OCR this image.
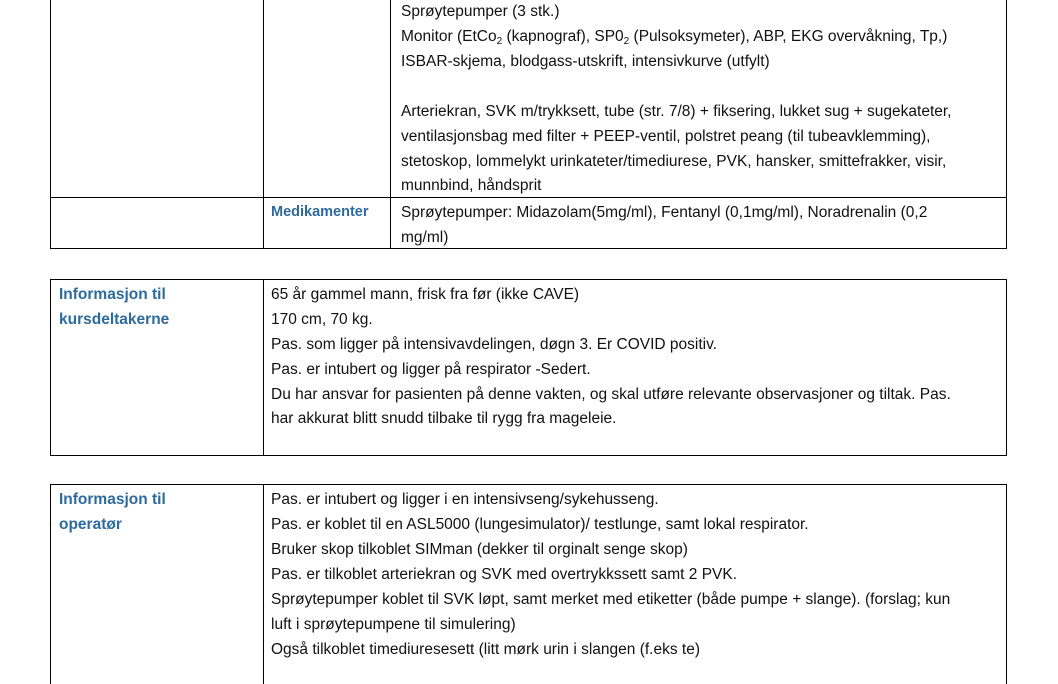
Sprøytepumper (3 stk.)
Monitor (EtCo$_2$ (kapnograf), $SP0_2$ (Pulsoksymeter), ABP, EKG overvåkning, Tp,)
ISBAR-skjema, blodgass-utskrift, intensivkurve (utfylt)
Arteriekran, SVK m/trykksett, tube (str. 7/8) + fiksering, lukket sug + sugekateter,
ventilasjonsbag med filter + PEEP-ventil, polstret peang (til tubeavklemming),
stetoskop, lommelykt urinkateter/timediurese, PVK, hansker, smittefrakker, visir,
munnbind, håndsprit
Medikamenter Sprøytepumper: Midazolam(5mg/ml), Fentanyl (0,1mg/ml), Noradrenalin (0,2
mg/ml)
Informasjon til
kursdeltakerne
65 år gammel mann, frisk fra før (ikke CAVE)
170 cm, 70 kg.
Pas. som ligger på intensivavdelingen, døgn 3. Er COVID positiv.
Pas. er intubert og ligger på respirator -Sedert.
Du har ansvar for pasienten på denne vakten, og skal utføre relevante observasjoner og tiltak. Pas.
har akkurat blitt snudd tilbake til rygg fra mageleie.
Informasjon til
operatør
Pas. er intubert og ligger i en intensivseng/sykehusseng.
Pas. er koblet til en ASL5000 (lungesimulator)/ testlunge, samt lokal respirator.
Bruker skop tilkoblet SIMman (dekker til orginalt senge skop)
Pas. er tilkoblet arteriekran og SVK med overtrykkssett samt 2 PVK.
Sprøytepumper koblet til SVK løpt, samt merket med etiketter (både pumpe + slange). (forslag; kun
luft i sprøytepumpene til simulering)
Også tilkoblet timediuresesett (litt mørk urin i slangen (f.eks te)
